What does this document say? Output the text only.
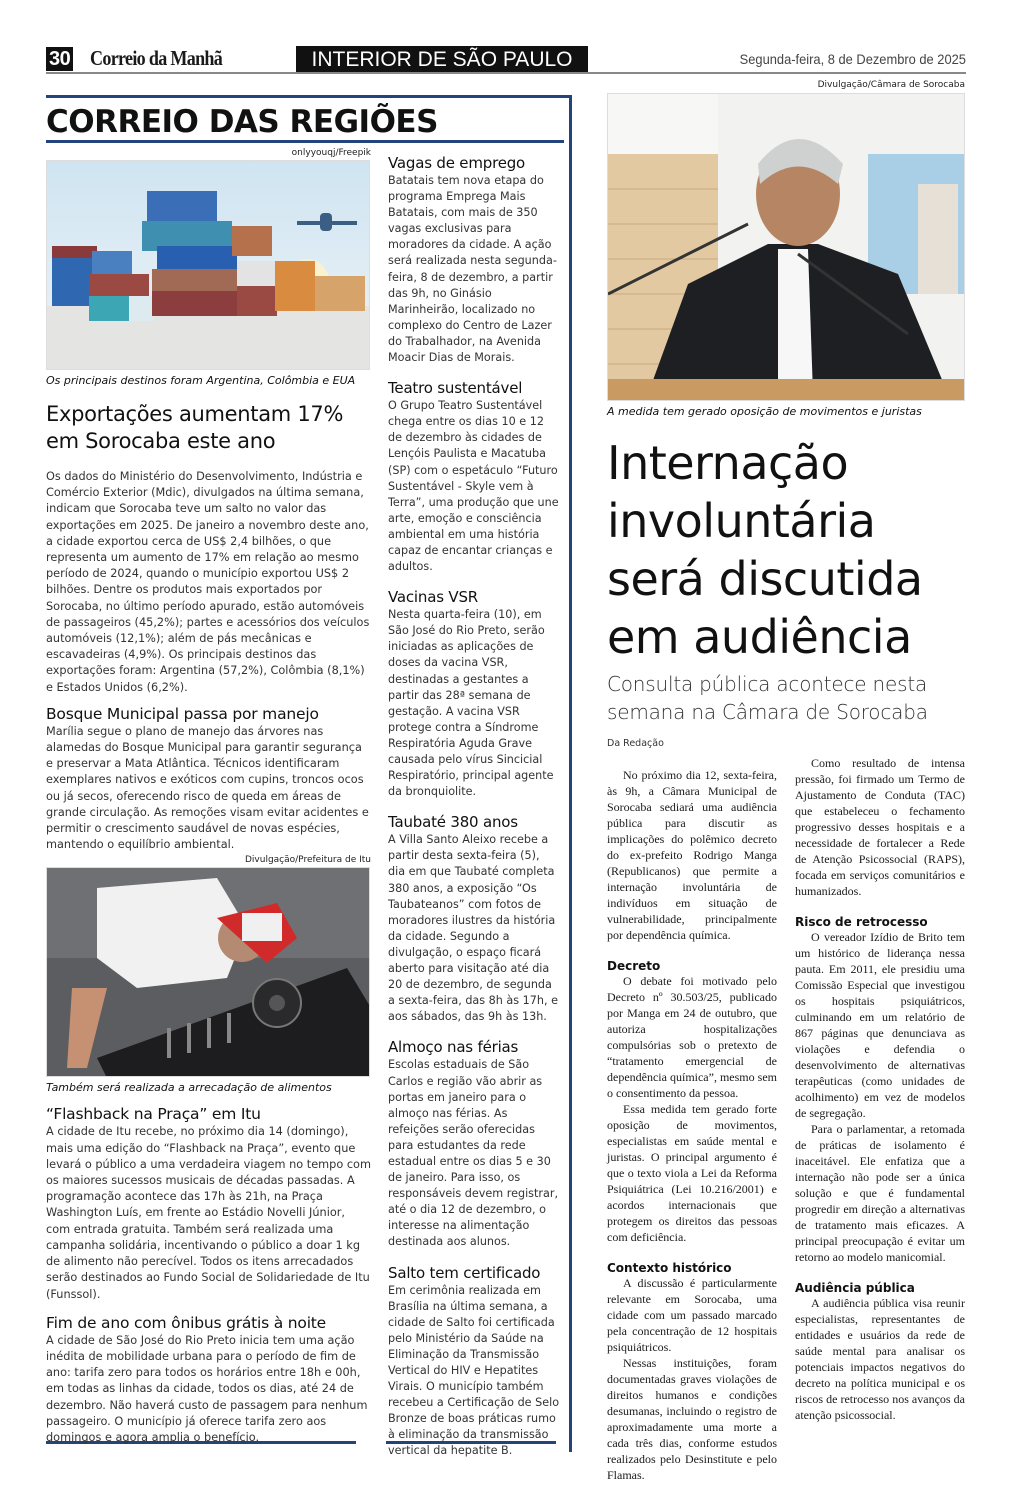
30 Correio da Manhã	INTERIOR DE SÃO PAULO	Segunda-feira, 8 de Dezembro de 2025
CORREIO DAS REGIÕES
onlyyouqj/Freepik
Os principais destinos foram Argentina, Colômbia e EUA
Exportações aumentam 17% em Sorocaba este ano
Os dados do Ministério do Desenvolvimento, Indústria e Comércio Exterior (Mdic), divulgados na última semana, indicam que Sorocaba teve um salto no valor das exportações em 2025. De janeiro a novembro deste ano, a cidade exportou cerca de US$ 2,4 bilhões, o que representa um aumento de 17% em relação ao mesmo período de 2024, quando o município exportou US$ 2 bilhões. Dentre os produtos mais exportados por Sorocaba, no último período apurado, estão automóveis de passageiros (45,2%); partes e acessórios dos veículos automóveis (12,1%); além de pás mecânicas e escavadeiras (4,9%). Os principais destinos das exportações foram: Argentina (57,2%), Colômbia (8,1%) e Estados Unidos (6,2%).
Bosque Municipal passa por manejo
Marília segue o plano de manejo das árvores nas alamedas do Bosque Municipal para garantir segurança e preservar a Mata Atlântica. Técnicos identificaram exemplares nativos e exóticos com cupins, troncos ocos ou já secos, oferecendo risco de queda em áreas de grande circulação. As remoções visam evitar acidentes e permitir o crescimento saudável de novas espécies, mantendo o equilíbrio ambiental.
Divulgação/Prefeitura de Itu
Também será realizada a arrecadação de alimentos
“Flashback na Praça” em Itu
A cidade de Itu recebe, no próximo dia 14 (domingo), mais uma edição do “Flashback na Praça”, evento que levará o público a uma verdadeira viagem no tempo com os maiores sucessos musicais de décadas passadas. A programação acontece das 17h às 21h, na Praça Washington Luís, em frente ao Estádio Novelli Júnior, com entrada gratuita. Também será realizada uma campanha solidária, incentivando o público a doar 1 kg de alimento não perecível. Todos os itens arrecadados serão destinados ao Fundo Social de Solidariedade de Itu (Funssol).
Fim de ano com ônibus grátis à noite
A cidade de São José do Rio Preto inicia tem uma ação inédita de mobilidade urbana para o período de fim de ano: tarifa zero para todos os horários entre 18h e 00h, em todas as linhas da cidade, todos os dias, até 24 de dezembro. Não haverá custo de passagem para nenhum passageiro. O município já oferece tarifa zero aos domingos e agora amplia o benefício.
Vagas de emprego
Batatais tem nova etapa do programa Emprega Mais Batatais, com mais de 350 vagas exclusivas para moradores da cidade. A ação será realizada nesta segunda-feira, 8 de dezembro, a partir das 9h, no Ginásio Marinheirão, localizado no complexo do Centro de Lazer do Trabalhador, na Avenida Moacir Dias de Morais.
Teatro sustentável
O Grupo Teatro Sustentável chega entre os dias 10 e 12 de dezembro às cidades de Lençóis Paulista e Macatuba (SP) com o espetáculo “Futuro Sustentável - Skyle vem à Terra”, uma produção que une arte, emoção e consciência ambiental em uma história capaz de encantar crianças e adultos.
Vacinas VSR
Nesta quarta-feira (10), em São José do Rio Preto, serão iniciadas as aplicações de doses da vacina VSR, destinadas a gestantes a partir das 28ª semana de gestação. A vacina VSR protege contra a Síndrome Respiratória Aguda Grave causada pelo vírus Sincicial Respiratório, principal agente da bronquiolite.
Taubaté 380 anos
A Villa Santo Aleixo recebe a partir desta sexta-feira (5), dia em que Taubaté completa 380 anos, a exposição “Os Taubateanos” com fotos de moradores ilustres da história da cidade. Segundo a divulgação, o espaço ficará aberto para visitação até dia 20 de dezembro, de segunda a sexta-feira, das 8h às 17h, e aos sábados, das 9h às 13h.
Almoço nas férias
Escolas estaduais de São Carlos e região vão abrir as portas em janeiro para o almoço nas férias. As refeições serão oferecidas para estudantes da rede estadual entre os dias 5 e 30 de janeiro. Para isso, os responsáveis devem registrar, até o dia 12 de dezembro, o interesse na alimentação destinada aos alunos.
Salto tem certificado
Em cerimônia realizada em Brasília na última semana, a cidade de Salto foi certificada pelo Ministério da Saúde na Eliminação da Transmissão Vertical do HIV e Hepatites Virais. O município também recebeu a Certificação de Selo Bronze de boas práticas rumo à eliminação da transmissão vertical da hepatite B.
Divulgação/Câmara de Sorocaba
A medida tem gerado oposição de movimentos e juristas
Internação involuntária será discutida em audiência
Consulta pública acontece nesta semana na Câmara de Sorocaba
Da Redação

No próximo dia 12, sexta-feira, às 9h, a Câmara Municipal de Sorocaba sediará uma audiência pública para discutir as implicações do polêmico decreto do ex-prefeito Rodrigo Manga (Republicanos) que permite a internação involuntária de indivíduos em situação de vulnerabilidade, principalmente por dependência química.

Decreto

O debate foi motivado pelo Decreto nº 30.503/25, publicado por Manga em 24 de outubro, que autoriza hospitalizações compulsórias sob o pretexto de “tratamento emergencial de dependência química”, mesmo sem o consentimento da pessoa.

Essa medida tem gerado forte oposição de movimentos, especialistas em saúde mental e juristas. O principal argumento é que o texto viola a Lei da Reforma Psiquiátrica (Lei 10.216/2001) e acordos internacionais que protegem os direitos das pessoas com deficiência.

Contexto histórico

A discussão é particularmente relevante em Sorocaba, uma cidade com um passado marcado pela concentração de 12 hospitais psiquiátricos.

Nessas instituições, foram documentadas graves violações de direitos humanos e condições desumanas, incluindo o registro de aproximadamente uma morte a cada três dias, conforme estudos realizados pelo Desinstitute e pelo Flamas.

Como resultado de intensa pressão, foi firmado um Termo de Ajustamento de Conduta (TAC) que estabeleceu o fechamento progressivo desses hospitais e a necessidade de fortalecer a Rede de Atenção Psicossocial (RAPS), focada em serviços comunitários e humanizados.

Risco de retrocesso

O vereador Izídio de Brito tem um histórico de liderança nessa pauta. Em 2011, ele presidiu uma Comissão Especial que investigou os hospitais psiquiátricos, culminando em um relatório de 867 páginas que denunciava as violações e defendia o desenvolvimento de alternativas terapêuticas (como unidades de acolhimento) em vez de modelos de segregação.

Para o parlamentar, a retomada de práticas de isolamento é inaceitável. Ele enfatiza que a internação não pode ser a única solução e que é fundamental progredir em direção a alternativas de tratamento mais eficazes. A principal preocupação é evitar um retorno ao modelo manicomial.

Audiência pública

A audiência pública visa reunir especialistas, representantes de entidades e usuários da rede de saúde mental para analisar os potenciais impactos negativos do decreto na política municipal e os riscos de retrocesso nos avanços da atenção psicossocial.
